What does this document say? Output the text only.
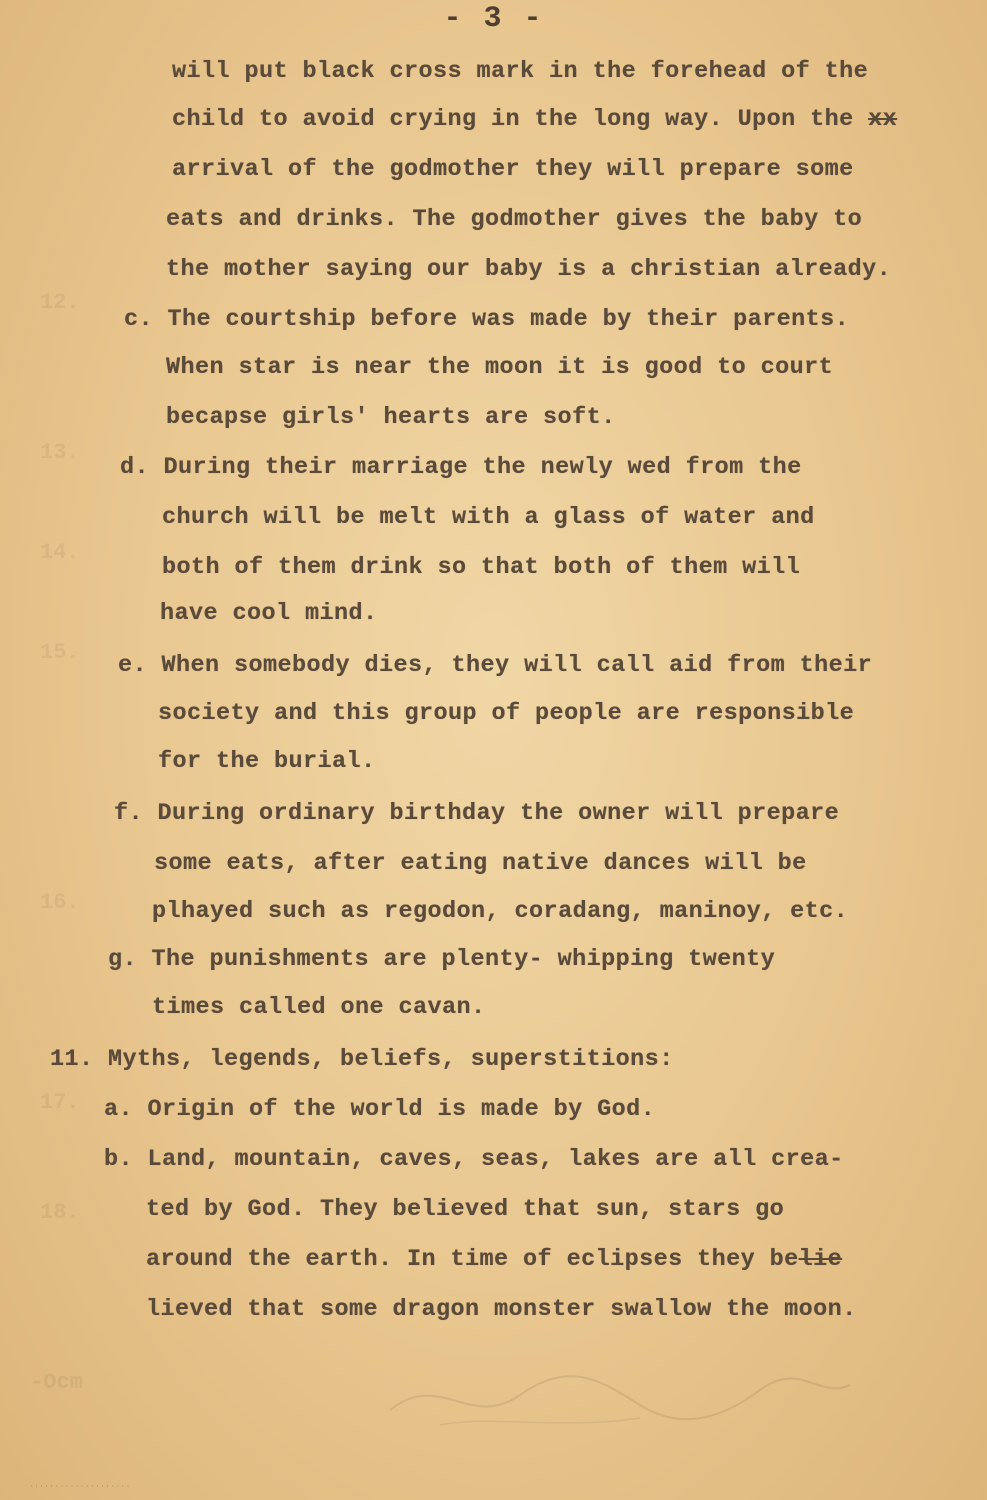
12.
13.
14.
15.
16.
17.
18.
-Ocm
- 3 -
will put black cross mark in the forehead of the
child to avoid crying in the long way. Upon the xx
arrival of the godmother they will prepare some
eats and drinks. The godmother gives the baby to
the mother saying our baby is a christian already.
c. The courtship before was made by their parents.
When star is near the moon it is good to court
becapse girls' hearts are soft.
d. During their marriage the newly wed from the
church will be melt with a glass of water and
both of them drink so that both of them will
have cool mind.
e. When somebody dies, they will call aid from their
society and this group of people are responsible
for the burial.
f. During ordinary birthday the owner will prepare
some eats, after eating native dances will be
plhayed such as regodon, coradang, maninoy, etc.
g. The punishments are plenty- whipping twenty
times called one cavan.
11. Myths, legends, beliefs, superstitions:
a. Origin of the world is made by God.
b. Land, mountain, caves, seas, lakes are all crea-
ted by God. They believed that sun, stars go
around the earth. In time of eclipses they belie
lieved that some dragon monster swallow the moon.
· · · · · · · · · · · · · · · · · · · ·
